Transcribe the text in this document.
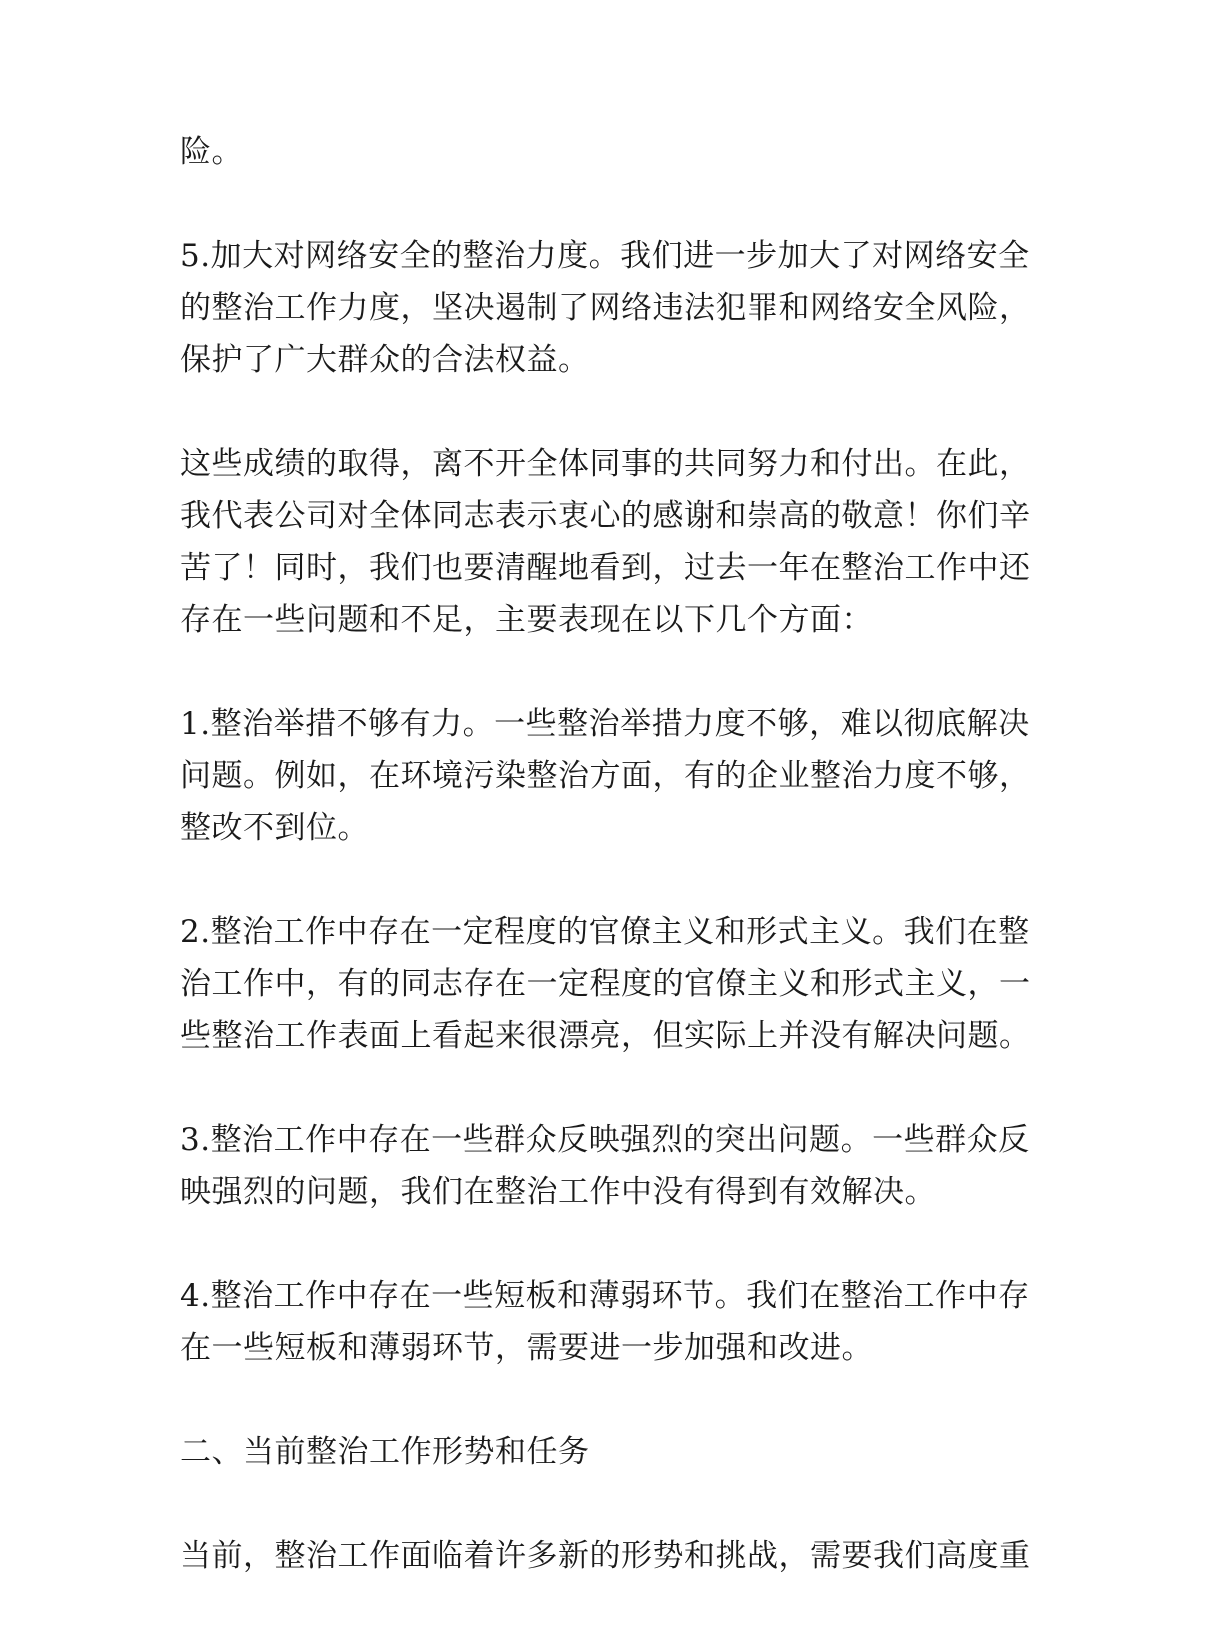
险。

5.加大对网络安全的整治力度。我们进一步加大了对网络安全
的整治工作力度，坚决遏制了网络违法犯罪和网络安全风险，
保护了广大群众的合法权益。

这些成绩的取得，离不开全体同事的共同努力和付出。在此，
我代表公司对全体同志表示衷心的感谢和崇高的敬意！你们辛
苦了！同时，我们也要清醒地看到，过去一年在整治工作中还
存在一些问题和不足，主要表现在以下几个方面：

1.整治举措不够有力。一些整治举措力度不够，难以彻底解决
问题。例如，在环境污染整治方面，有的企业整治力度不够，
整改不到位。

2.整治工作中存在一定程度的官僚主义和形式主义。我们在整
治工作中，有的同志存在一定程度的官僚主义和形式主义，一
些整治工作表面上看起来很漂亮，但实际上并没有解决问题。

3.整治工作中存在一些群众反映强烈的突出问题。一些群众反
映强烈的问题，我们在整治工作中没有得到有效解决。

4.整治工作中存在一些短板和薄弱环节。我们在整治工作中存
在一些短板和薄弱环节，需要进一步加强和改进。

二、当前整治工作形势和任务

当前，整治工作面临着许多新的形势和挑战，需要我们高度重
